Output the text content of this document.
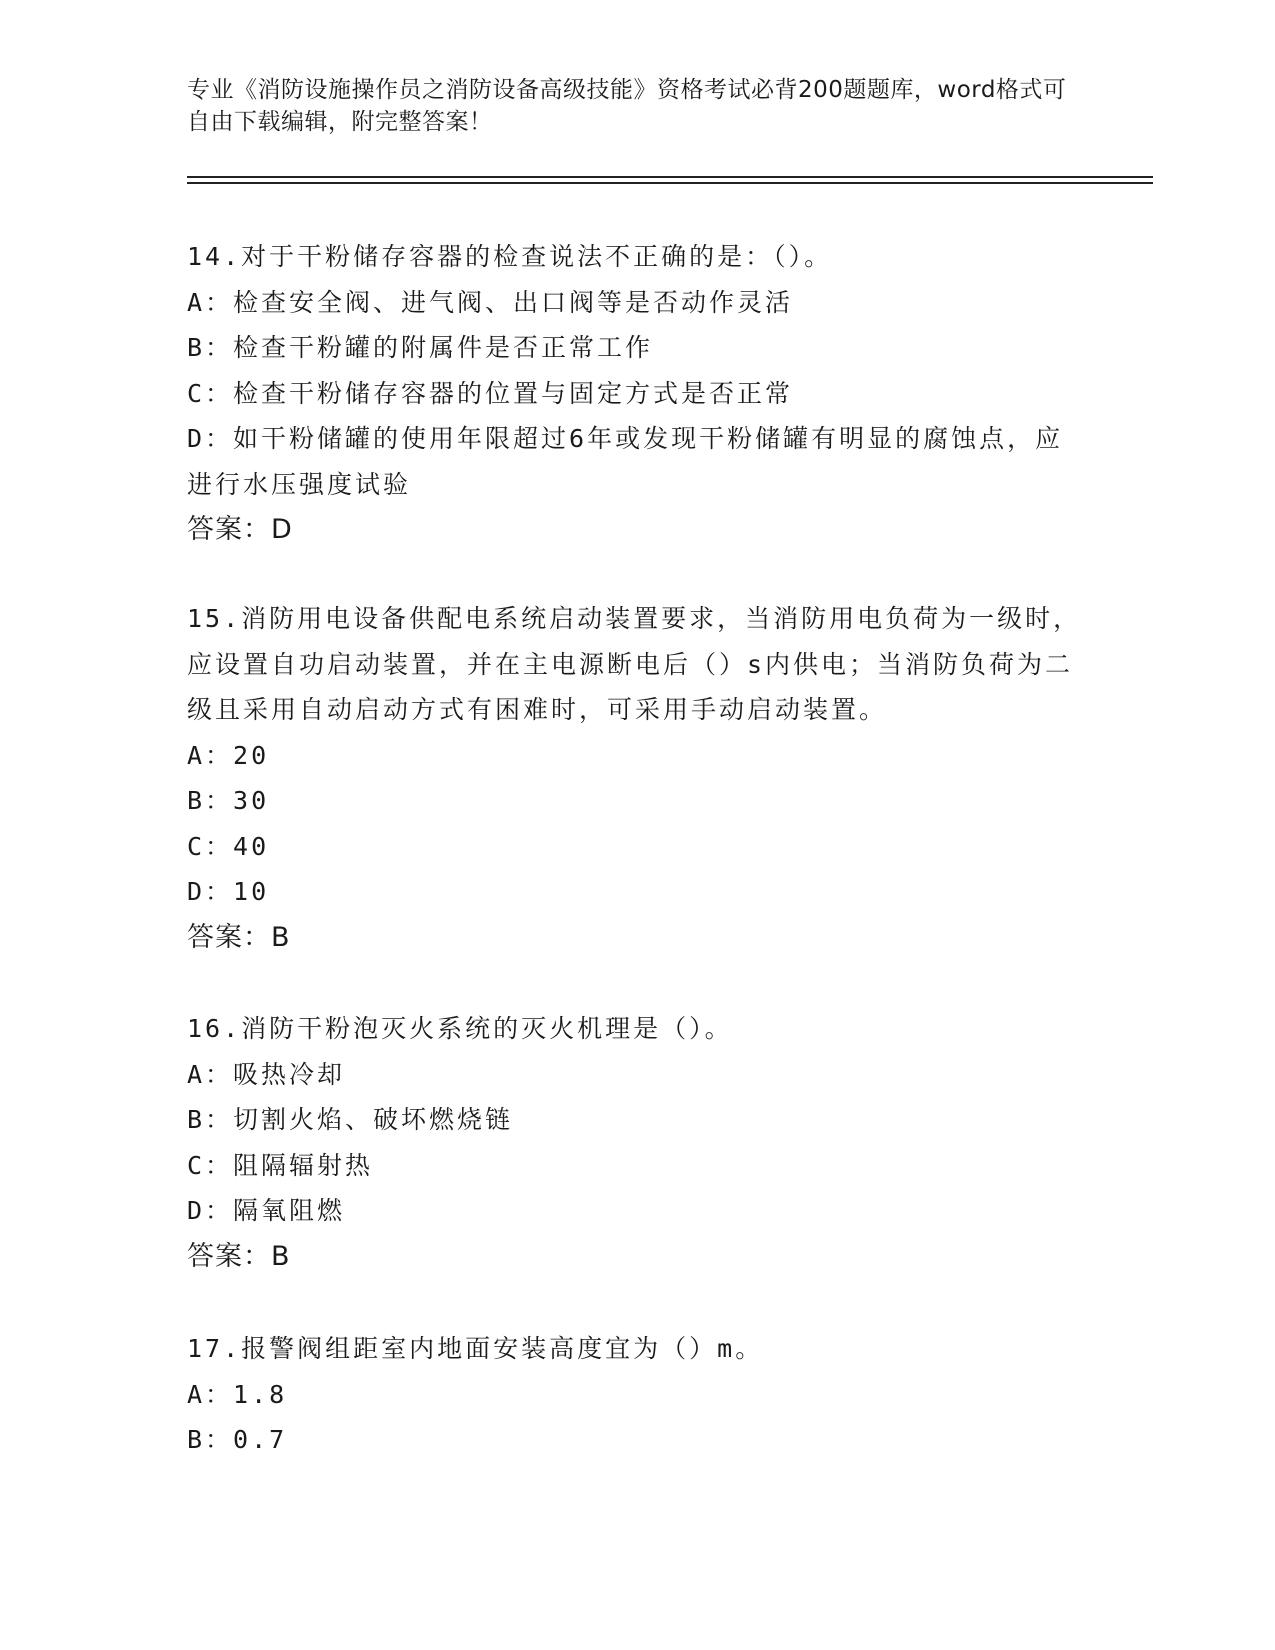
专业《消防设施操作员之消防设备高级技能》资格考试必背200题题库，word格式可自由下载编辑，附完整答案！

14.对于干粉储存容器的检查说法不正确的是：（）。

A：检查安全阀、进气阀、出口阀等是否动作灵活

B：检查干粉罐的附属件是否正常工作

C：检查干粉储存容器的位置与固定方式是否正常

D：如干粉储罐的使用年限超过6年或发现干粉储罐有明显的腐蚀点，应进行水压强度试验

答案：D

15.消防用电设备供配电系统启动装置要求，当消防用电负荷为一级时，应设置自功启动装置，并在主电源断电后（）s内供电；当消防负荷为二级且采用自动启动方式有困难时，可采用手动启动装置。

A：20

B：30

C：40

D：10

答案：B

16.消防干粉泡灭火系统的灭火机理是（）。

A：吸热冷却

B：切割火焰、破坏燃烧链

C：阻隔辐射热

D：隔氧阻燃

答案：B

17.报警阀组距室内地面安装高度宜为（）m。

A：1.8

B：0.7
